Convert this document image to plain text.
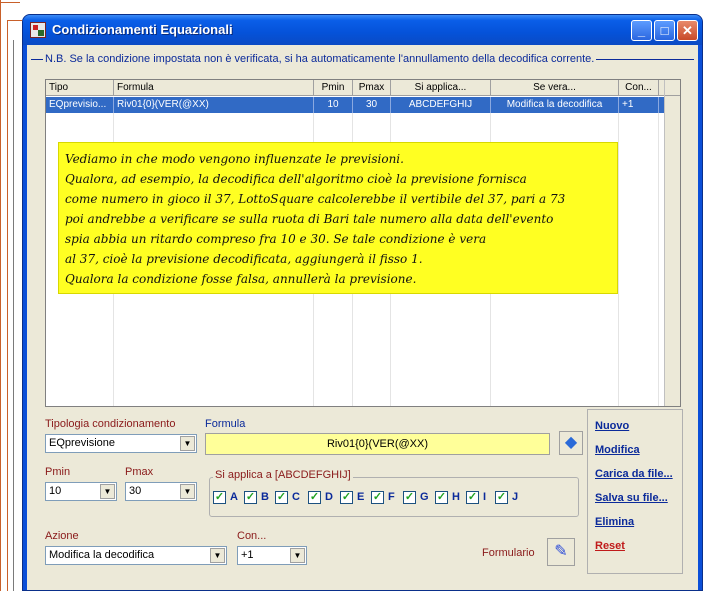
Condizionamenti Equazionali	_	□	✕
N.B. Se la condizione impostata non è verificata, si ha automaticamente l'annullamento della decodifica corrente.
Tipo	Formula	Pmin	Pmax	Si applica...	Se vera...	Con...
EQprevisio...	Riv01{0}(VER(@XX)	10	30	ABCDEFGHIJ	Modifica la decodifica	+1
Tipologia condizionamento
EQprevisione	▼
Formula
Riv01{0}(VER(@XX)	◆
Pmin
10	▼
Pmax
30	▼
Si applica a [ABCDEFGHIJ]
✓ A ✓ B ✓ C ✓ D ✓ E ✓ F ✓ G ✓ H ✓ I ✓ J
Azione
Modifica la decodifica	▼
Con...
+1	▼	Formulario	✎
Nuovo
Modifica
Carica da file...
Salva su file...
Elimina
Reset
Vediamo in che modo vengono influenzate le previsioni.
Qualora, ad esempio, la decodifica dell'algoritmo cioè la previsione fornisca
come numero in gioco il 37, LottoSquare calcolerebbe il vertibile del 37, pari a 73
poi andrebbe a verificare se sulla ruota di Bari tale numero alla data dell'evento
spia abbia un ritardo compreso fra 10 e 30. Se tale condizione è vera
al 37, cioè la previsione decodificata, aggiungerà il fisso 1.
Qualora la condizione fosse falsa, annullerà la previsione.
